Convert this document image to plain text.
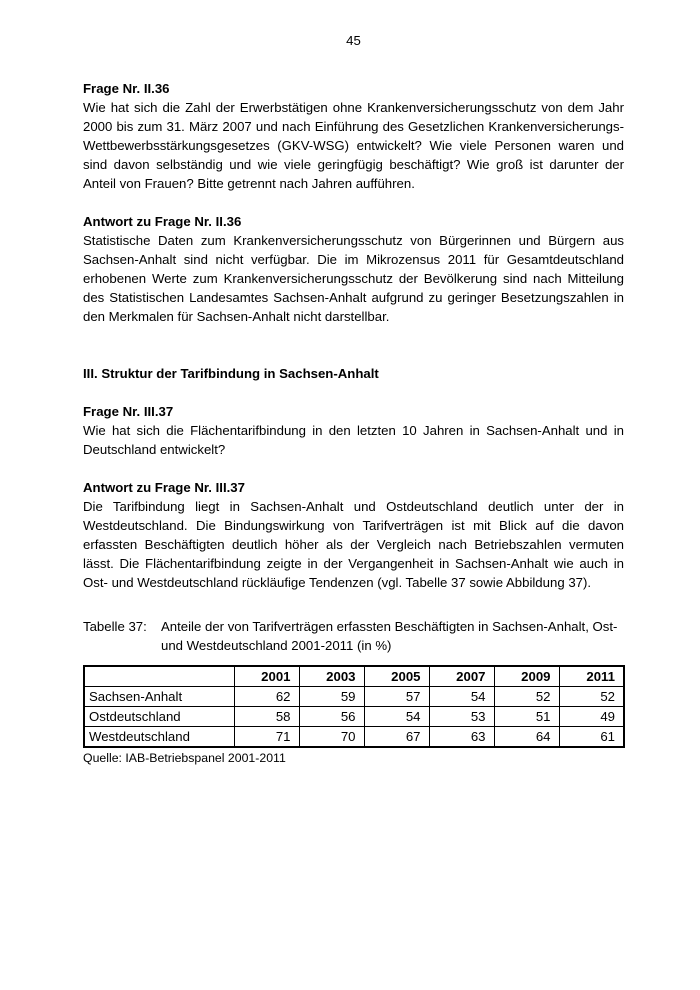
45
Frage Nr. II.36

Wie hat sich die Zahl der Erwerbstätigen ohne Krankenversicherungsschutz von dem Jahr 2000 bis zum 31. März 2007 und nach Einführung des Gesetzlichen Krankenversicherungs-Wettbewerbsstärkungsgesetzes (GKV-WSG) entwickelt? Wie viele Personen waren und sind davon selbständig und wie viele geringfügig beschäftigt? Wie groß ist darunter der Anteil von Frauen? Bitte getrennt nach Jahren aufführen.

Antwort zu Frage Nr. II.36

Statistische Daten zum Krankenversicherungsschutz von Bürgerinnen und Bürgern aus Sachsen-Anhalt sind nicht verfügbar. Die im Mikrozensus 2011 für Gesamtdeutschland erhobenen Werte zum Krankenversicherungsschutz der Bevölkerung sind nach Mitteilung des Statistischen Landesamtes Sachsen-Anhalt aufgrund zu geringer Besetzungszahlen in den Merkmalen für Sachsen-Anhalt nicht darstellbar.

III. Struktur der Tarifbindung in Sachsen-Anhalt
Frage Nr. III.37

Wie hat sich die Flächentarifbindung in den letzten 10 Jahren in Sachsen-Anhalt und in Deutschland entwickelt?

Antwort zu Frage Nr. III.37

Die Tarifbindung liegt in Sachsen-Anhalt und Ostdeutschland deutlich unter der in Westdeutschland. Die Bindungswirkung von Tarifverträgen ist mit Blick auf die davon erfassten Beschäftigten deutlich höher als der Vergleich nach Betriebszahlen vermuten lässt. Die Flächentarifbindung zeigte in der Vergangenheit in Sachsen-Anhalt wie auch in Ost- und Westdeutschland rückläufige Tendenzen (vgl. Tabelle 37 sowie Abbildung 37).

Tabelle 37:	Anteile der von Tarifverträgen erfassten Beschäftigten in Sachsen-Anhalt, Ost- und Westdeutschland 2001-2011 (in %)
	2001	2003	2005	2007	2009	2011
Sachsen-Anhalt	62	59	57	54	52	52
Ostdeutschland	58	56	54	53	51	49
Westdeutschland	71	70	67	63	64	61
Quelle: IAB-Betriebspanel 2001-2011
